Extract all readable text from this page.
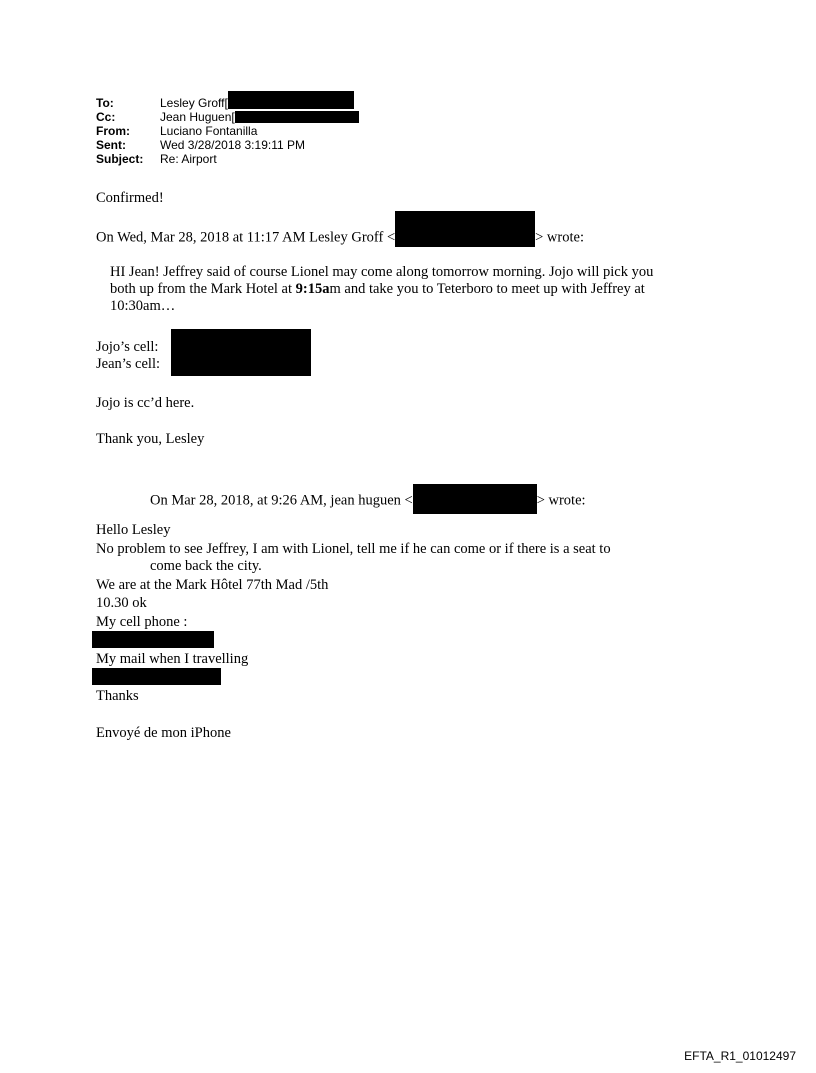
To:	Lesley Groff[
Cc:	Jean Huguen[
From:	Luciano Fontanilla
Sent:	Wed 3/28/2018 3:19:11 PM
Subject:	Re: Airport
Confirmed!
On Wed, Mar 28, 2018 at 11:17 AM Lesley Groff <	> wrote:
HI Jean! Jeffrey said of course Lionel may come along tomorrow morning. Jojo will pick you
both up from the Mark Hotel at 9:15am and take you to Teterboro to meet up with Jeffrey at
10:30am…
Jojo’s cell:
Jean’s cell:
Jojo is cc’d here.
Thank you, Lesley
On Mar 28, 2018, at 9:26 AM, jean huguen <	> wrote:
Hello Lesley
No problem to see Jeffrey, I am with Lionel, tell me if he can come or if there is a seat to
come back the city.
We are at the Mark Hôtel 77th Mad /5th
10.30 ok
My cell phone :
My mail when I travelling
Thanks
Envoyé de mon iPhone
EFTA_R1_01012497
